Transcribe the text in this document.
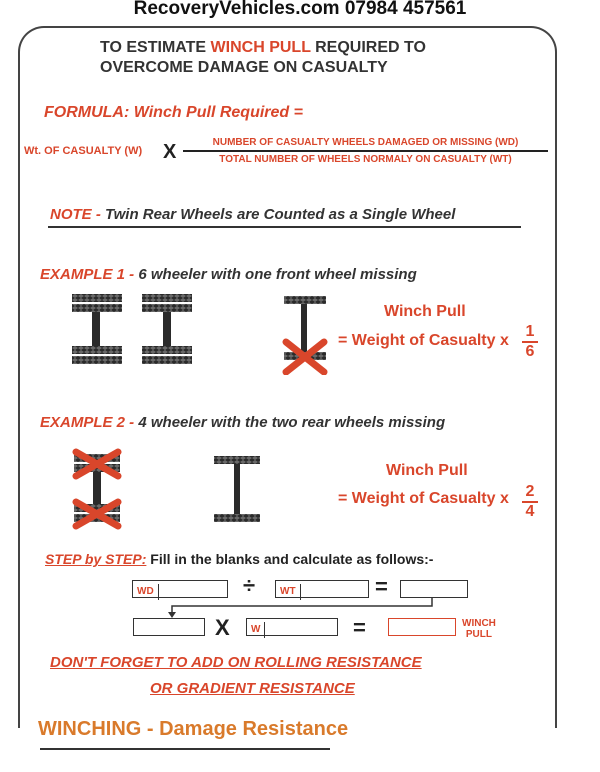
RecoveryVehicles.com 07984 457561
TO ESTIMATE WINCH PULL REQUIRED TO
OVERCOME DAMAGE ON CASUALTY
FORMULA: Winch Pull Required =
Wt. OF CASUALTY (W) X	NUMBER OF CASUALTY WHEELS DAMAGED OR MISSING (WD)
TOTAL NUMBER OF WHEELS NORMALY ON CASUALTY (WT)
NOTE - Twin Rear Wheels are Counted as a Single Wheel
EXAMPLE 1 - 6 wheeler with one front wheel missing
Winch Pull
= Weight of Casualty x $\frac{1}{6}$
EXAMPLE 2 - 4 wheeler with the two rear wheels missing
Winch Pull
= Weight of Casualty x $\frac{2}{4}$
STEP by STEP: Fill in the blanks and calculate as follows:-
WD	÷	WT	=
X	W	=	WINCH
PULL
DON'T FORGET TO ADD ON ROLLING RESISTANCE
OR GRADIENT RESISTANCE
WINCHING - Damage Resistance
